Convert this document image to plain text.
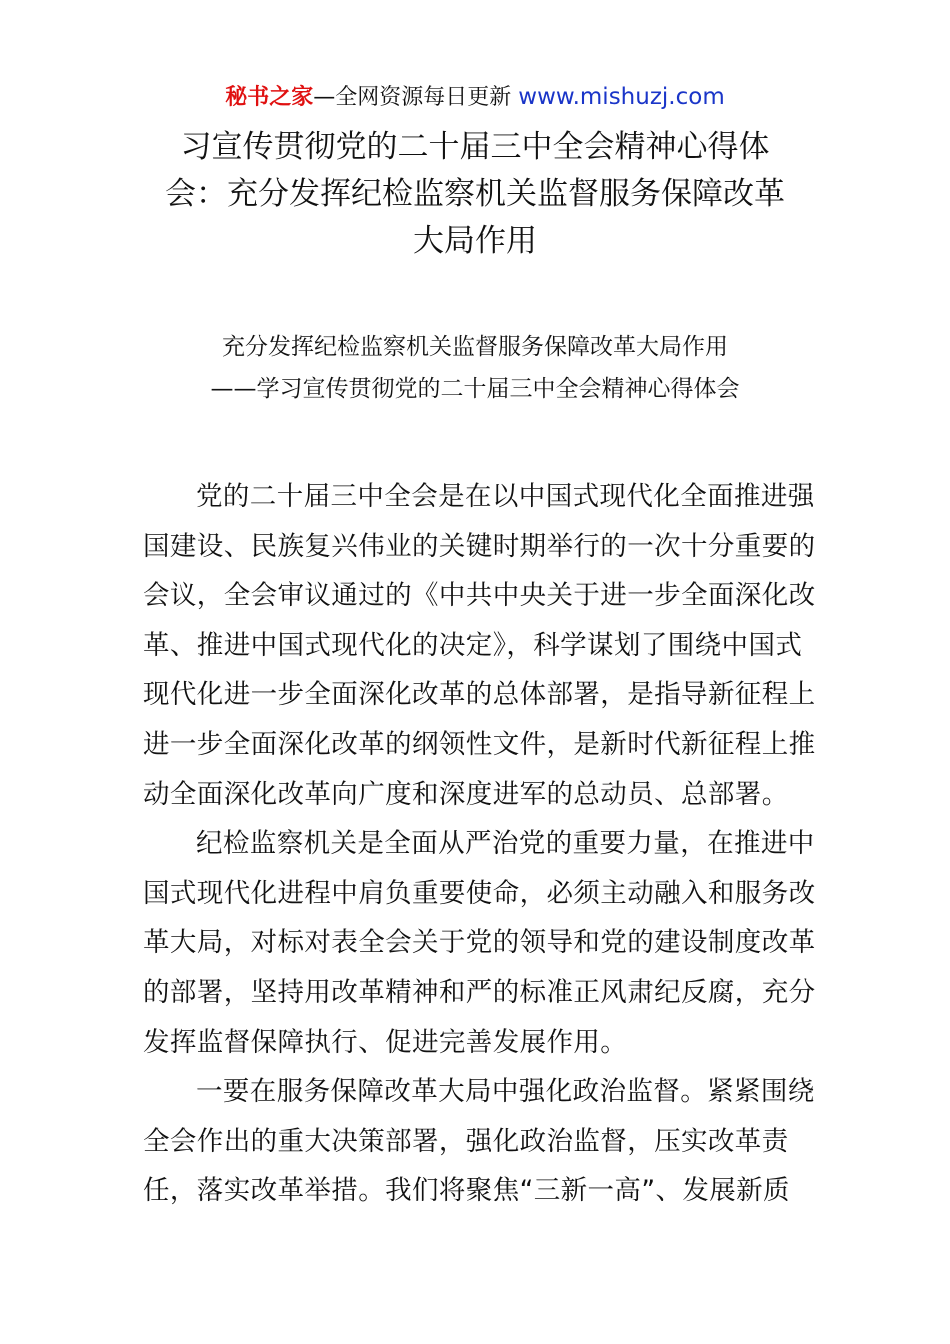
秘书之家—全网资源每日更新 www.mishuzj.com
习宣传贯彻党的二十届三中全会精神心得体
会：充分发挥纪检监察机关监督服务保障改革
大局作用
充分发挥纪检监察机关监督服务保障改革大局作用
——学习宣传贯彻党的二十届三中全会精神心得体会
党的二十届三中全会是在以中国式现代化全面推进强
国建设、民族复兴伟业的关键时期举行的一次十分重要的
会议，全会审议通过的《中共中央关于进一步全面深化改
革、推进中国式现代化的决定》，科学谋划了围绕中国式
现代化进一步全面深化改革的总体部署，是指导新征程上
进一步全面深化改革的纲领性文件，是新时代新征程上推
动全面深化改革向广度和深度进军的总动员、总部署。
纪检监察机关是全面从严治党的重要力量，在推进中
国式现代化进程中肩负重要使命，必须主动融入和服务改
革大局，对标对表全会关于党的领导和党的建设制度改革
的部署，坚持用改革精神和严的标准正风肃纪反腐，充分
发挥监督保障执行、促进完善发展作用。
一要在服务保障改革大局中强化政治监督。紧紧围绕
全会作出的重大决策部署，强化政治监督，压实改革责
任，落实改革举措。我们将聚焦“三新一高”、发展新质
